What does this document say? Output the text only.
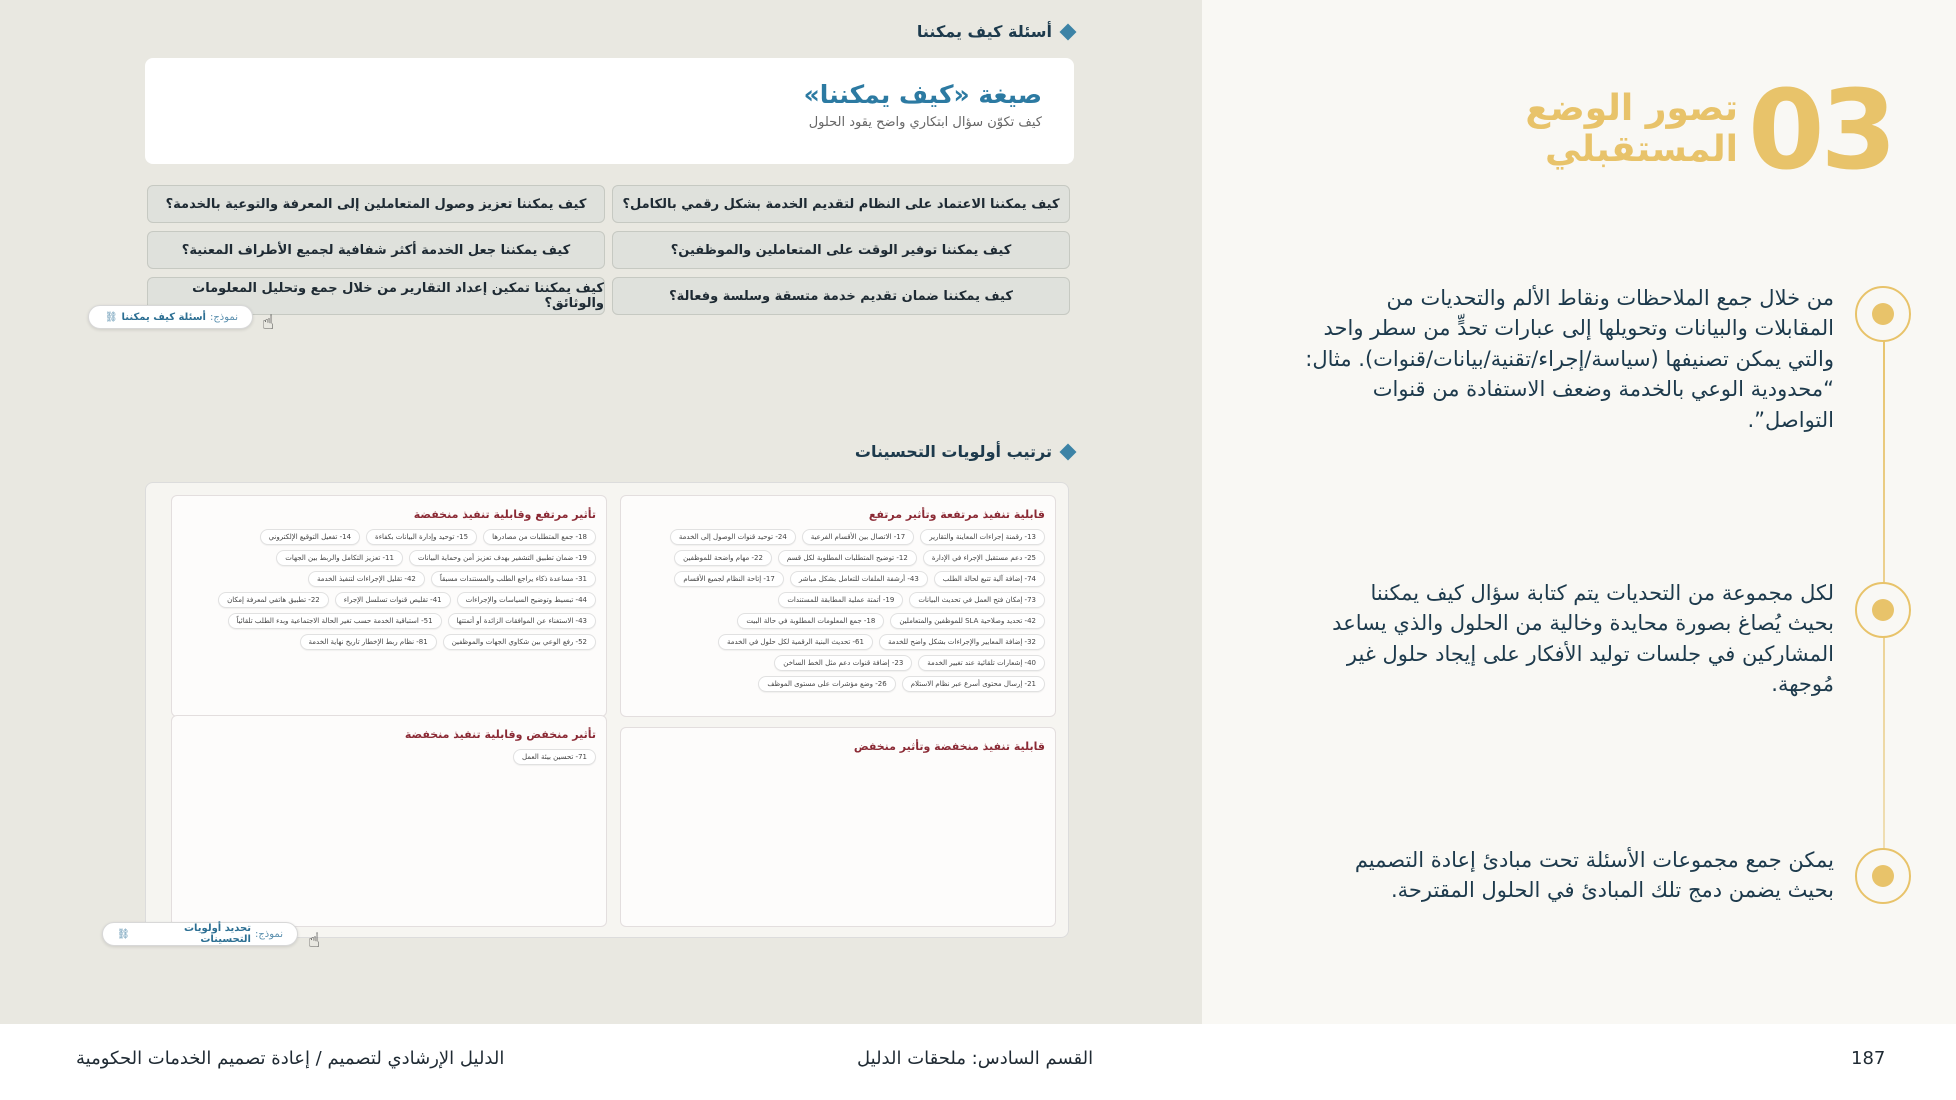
أسئلة كيف يمكننا
صيغة «كيف يمكننا»
كيف تكوّن سؤال ابتكاري واضح يقود الحلول
كيف يمكننا الاعتماد على النظام لتقديم الخدمة بشكل رقمي بالكامل؟
كيف يمكننا تعزيز وصول المتعاملين إلى المعرفة والتوعية بالخدمة؟
كيف يمكننا توفير الوقت على المتعاملين والموظفين؟
كيف يمكننا جعل الخدمة أكثر شفافية لجميع الأطراف المعنية؟
كيف يمكننا ضمان تقديم خدمة متسقة وسلسة وفعالة؟
كيف يمكننا تمكين إعداد التقارير من خلال جمع وتحليل المعلومات والوثائق؟
نموذج:
أسئلة كيف يمكننا
⛓	☝
ترتيب أولويات التحسينات
قابلية تنفيذ مرتفعة وتأثير مرتفع
13- رقمنة إجراءات المعاينة والتقارير
17- الاتصال بين الأقسام الفرعية
24- توحيد قنوات الوصول إلى الخدمة
25- دعم مستقبل الإجراء في الإدارة
12- توضيح المتطلبات المطلوبة لكل قسم
22- مهام واضحة للموظفين
74- إضافة آلية تتبع لحالة الطلب
43- أرشفة الملفات للتعامل بشكل مباشر
17- إتاحة النظام لجميع الأقسام
73- إمكان فتح العمل في تحديث البيانات
19- أتمتة عملية المطابقة للمستندات
42- تحديد وصلاحية SLA للموظفين والمتعاملين
18- جمع المعلومات المطلوبة في حالة البيت
32- إضافة المعايير والإجراءات بشكل واضح للخدمة
61- تحديث البنية الرقمية لكل حلول في الخدمة
40- إشعارات تلقائية عند تغيير الخدمة
23- إضافة قنوات دعم مثل الخط الساخن
21- إرسال محتوى أسرع عبر نظام الاستلام
26- وضع مؤشرات على مستوى الموظف
تأثير مرتفع وقابلية تنفيذ منخفضة
18- جمع المتطلبات من مصادرها
15- توحيد وإدارة البيانات بكفاءة
14- تفعيل التوقيع الإلكتروني
19- ضمان تطبيق التشفير بهدف تعزيز أمن وحماية البيانات
11- تعزيز التكامل والربط بين الجهات
31- مساعدة ذكاء يراجع الطلب والمستندات مسبقاً
42- تقليل الإجراءات لتنفيذ الخدمة
44- تبسيط وتوضيح السياسات والإجراءات
41- تقليص قنوات تسلسل الإجراء
22- تطبيق هاتفي لمعرفة إمكان
43- الاستغناء عن الموافقات الزائدة أو أتمتتها
51- استباقية الخدمة حسب تغير الحالة الاجتماعية وبدء الطلب تلقائياً
52- رفع الوعي بين شكاوي الجهات والموظفين
81- نظام ربط الإخطار تاريخ نهاية الخدمة
قابلية تنفيذ منخفضة وتأثير منخفض
تأثير منخفض وقابلية تنفيذ منخفضة
71- تحسين بيئة العمل
نموذج:
تحديد أولويات التحسينات
⛓	☝
03
تصور الوضع
المستقبلي
من خلال جمع الملاحظات ونقاط الألم والتحديات من المقابلات والبيانات وتحويلها إلى عبارات تحدٍّ من سطر واحد والتي يمكن تصنيفها (سياسة/إجراء/تقنية/بيانات/قنوات). مثال: “محدودية الوعي بالخدمة وضعف الاستفادة من قنوات التواصل”.
لكل مجموعة من التحديات يتم كتابة سؤال كيف يمكننا بحيث يُصاغ بصورة محايدة وخالية من الحلول والذي يساعد المشاركين في جلسات توليد الأفكار على إيجاد حلول غير مُوجهة.
يمكن جمع مجموعات الأسئلة تحت مبادئ إعادة التصميم بحيث يضمن دمج تلك المبادئ في الحلول المقترحة.
الدليل الإرشادي لتصميم / إعادة تصميم الخدمات الحكومية	القسم السادس: ملحقات الدليل	187
